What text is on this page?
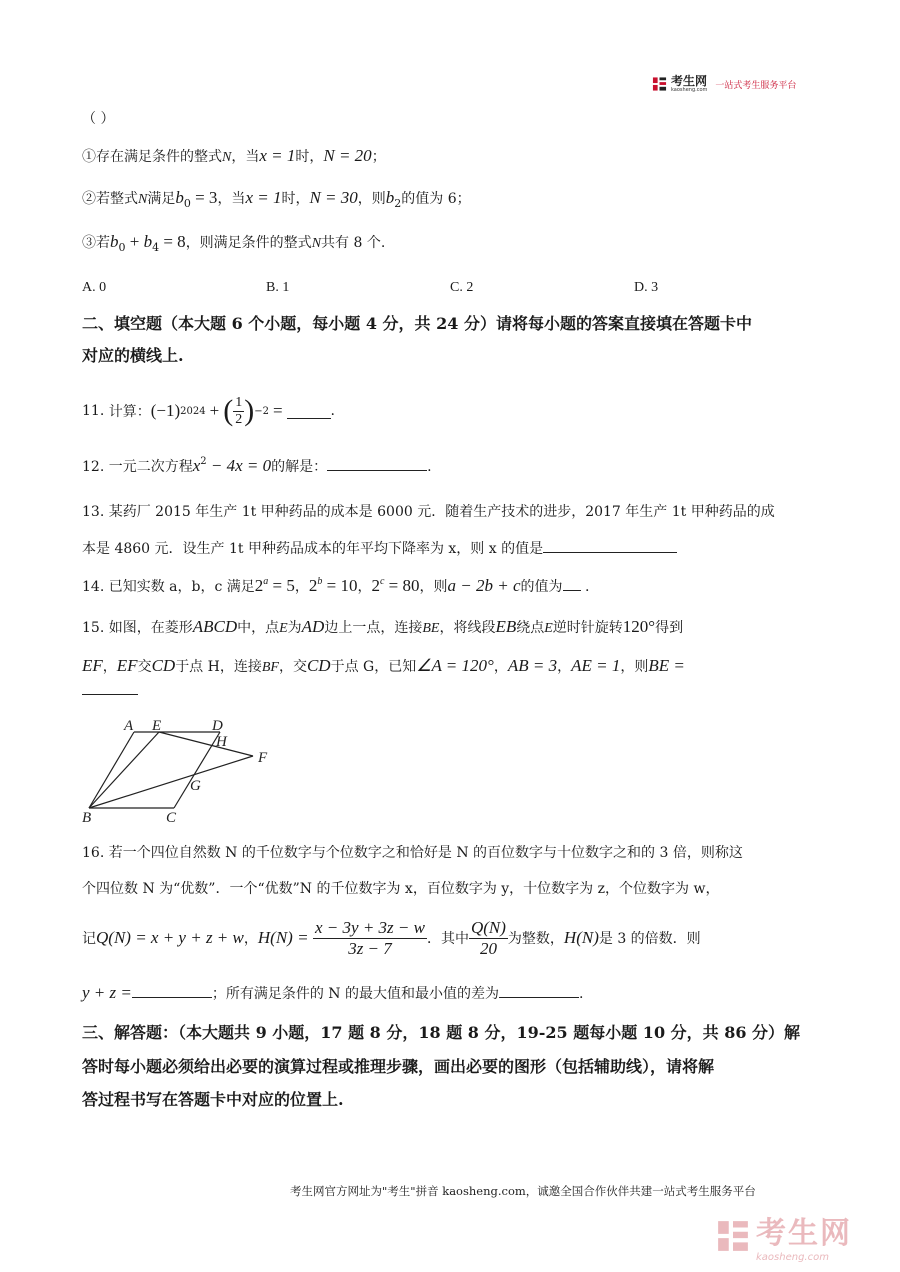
考生网
kaosheng.com 一站式考生服务平台
（ ）
①存在满足条件的整式N，当x = 1时，N = 20；
②若整式N满足$b_0 = 3$，当x = 1时，N = 30，则$b_2$的值为 6；
③若$b_0 + b_4 = 8$，则满足条件的整式N共有 8 个.
A. 0	B. 1	C. 2	D. 3
二、填空题（本大题 6 个小题，每小题 4 分，共 24 分）请将每小题的答案直接填在答题卡中
对应的横线上.
11.
计算： (−1) 2024 + ( $\frac{1}{2}$ ) −2 =	.
12. 一元二次方程$x^2 - 4x = 0$的解是：	.
13. 某药厂 2015 年生产 1t 甲种药品的成本是 6000 元．随着生产技术的进步，2017 年生产 1t 甲种药品的成
本是 4860 元．设生产 1t 甲种药品成本的年平均下降率为 x，则 x 的值是
14. 已知实数 a，b，c 满足$2^a = 5$，$2^b = 10$，$2^c = 80$，则a − 2b + c的值为 .
15. 如图，在菱形ABCD中，点E为AD边上一点，连接BE，将线段EB绕点E逆时针旋转120°得到
EF，EF交CD于点 H，连接BF，交CD于点 G，已知∠A = 120°，AB = 3，AE = 1，则BE =
A E	D
H
F
G
B	C
16. 若一个四位自然数 N 的千位数字与个位数字之和恰好是 N 的百位数字与十位数字之和的 3 倍，则称这
个四位数 N 为“优数”．一个“优数”N 的千位数字为 x，百位数字为 y，十位数字为 z，个位数字为 w，
记 Q(N) = x + y + z + w ， H(N) =
$\frac{x - 3y + 3z - w}{3z - 7}$ ．其中 $\frac{Q(N)}{20}$ 为整数， H(N) 是 3 的倍数．则
y + z =	；所有满足条件的 N 的最大值和最小值的差为	.
三、解答题：（本大题共 9 小题，17 题 8 分，18 题 8 分，19-25 题每小题 10 分，共 86 分）解
答时每小题必须给出必要的演算过程或推理步骤，画出必要的图形（包括辅助线），请将解
答过程书写在答题卡中对应的位置上.
考生网官方网址为"考生"拼音 kaosheng.com，诚邀全国合作伙伴共建一站式考生服务平台
考生网
kaosheng.com
